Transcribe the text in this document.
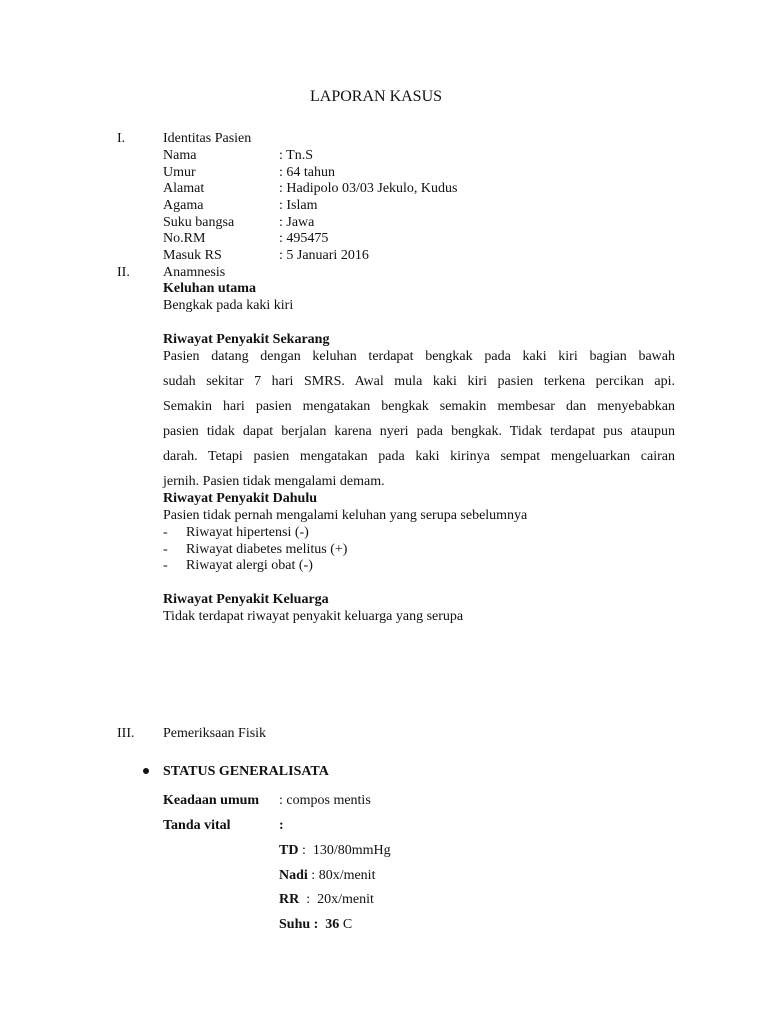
LAPORAN KASUS
I.	Identitas Pasien
Nama	: Tn.S
Umur	: 64 tahun
Alamat	: Hadipolo 03/03 Jekulo, Kudus
Agama	: Islam
Suku bangsa	: Jawa
No.RM	: 495475
Masuk RS	: 5 Januari 2016
II. Anamnesis
Keluhan utama
Bengkak pada kaki kiri
Riwayat Penyakit Sekarang
Pasien datang dengan keluhan terdapat bengkak pada kaki kiri bagian bawah
sudah sekitar 7 hari SMRS. Awal mula kaki kiri pasien terkena percikan api.
Semakin hari pasien mengatakan bengkak semakin membesar dan menyebabkan
pasien tidak dapat berjalan karena nyeri pada bengkak. Tidak terdapat pus ataupun
darah. Tetapi pasien mengatakan pada kaki kirinya sempat mengeluarkan cairan
jernih. Pasien tidak mengalami demam.
Riwayat Penyakit Dahulu
Pasien tidak pernah mengalami keluhan yang serupa sebelumnya
- Riwayat hipertensi (-)
- Riwayat diabetes melitus (+)
- Riwayat alergi obat (-)
Riwayat Penyakit Keluarga
Tidak terdapat riwayat penyakit keluarga yang serupa
III. Pemeriksaan Fisik
STATUS GENERALISATA
Keadaan umum : compos mentis
Tanda vital	:
TD :  130/80mmHg
Nadi : 80x/menit
RR  :  20x/menit
Suhu :  36 C
